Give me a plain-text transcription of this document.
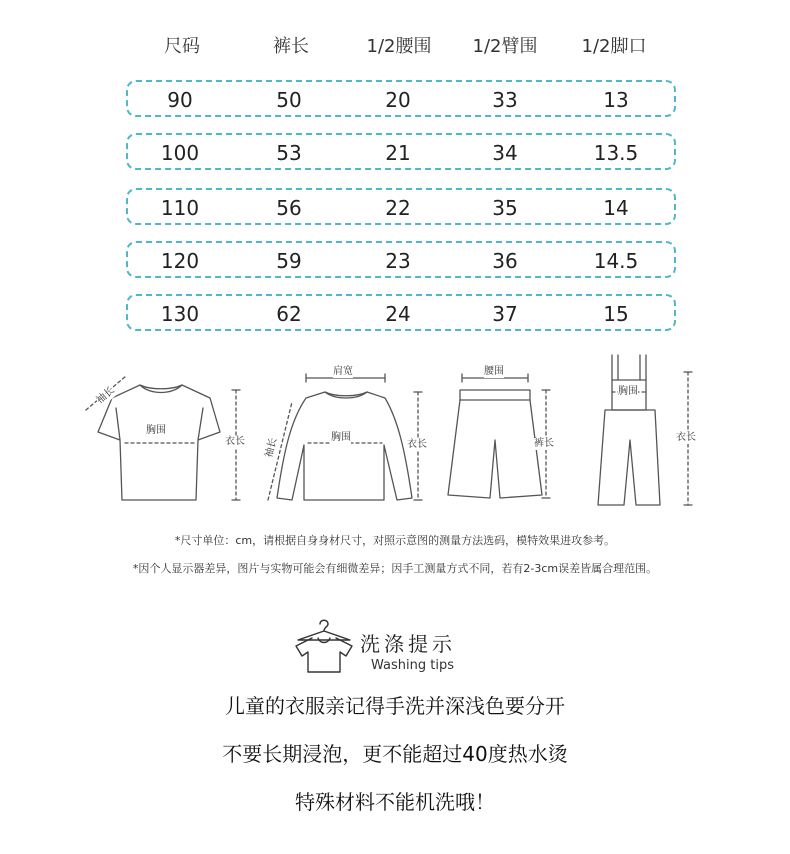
尺码	裤长	1/2腰围	1/2臂围	1/2脚口
90	50	20	33	13
100	53	21	34	13.5
110	56	22	35	14
120	59	23	36	14.5
130	62	24	37	15
袖长
胸围
衣长
肩宽
袖长	胸围
衣长
腰围
裤长
胸围
衣长
*尺寸单位：cm，请根据自身身材尺寸，对照示意图的测量方法选码，模特效果进攻参考。
*因个人显示器差异，图片与实物可能会有细微差异；因手工测量方式不同，若有2-3cm误差皆属合理范围。
洗涤提示
Washing tips
儿童的衣服亲记得手洗并深浅色要分开
不要长期浸泡，更不能超过40度热水烫
特殊材料不能机洗哦！
